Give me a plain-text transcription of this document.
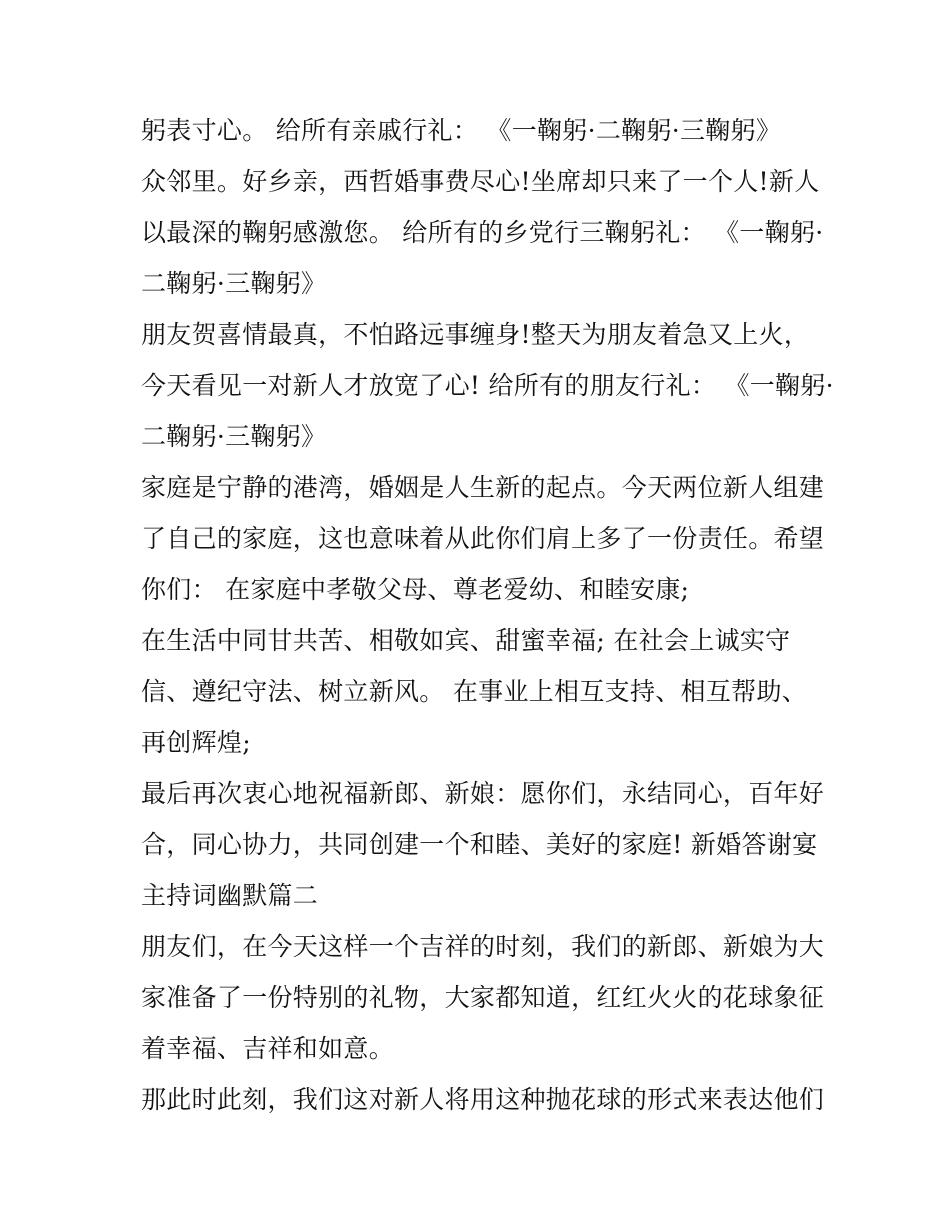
躬表寸心。 给所有亲戚行礼： 《一鞠躬·二鞠躬·三鞠躬》
众邻里。好乡亲，西哲婚事费尽心!坐席却只来了一个人!新人
以最深的鞠躬感激您。 给所有的乡党行三鞠躬礼： 《一鞠躬·
二鞠躬·三鞠躬》
朋友贺喜情最真，不怕路远事缠身!整天为朋友着急又上火，
今天看见一对新人才放宽了心! 给所有的朋友行礼： 《一鞠躬·
二鞠躬·三鞠躬》
家庭是宁静的港湾，婚姻是人生新的起点。今天两位新人组建
了自己的家庭，这也意味着从此你们肩上多了一份责任。希望
你们： 在家庭中孝敬父母、尊老爱幼、和睦安康;
在生活中同甘共苦、相敬如宾、甜蜜幸福; 在社会上诚实守
信、遵纪守法、树立新风。 在事业上相互支持、相互帮助、
再创辉煌;
最后再次衷心地祝福新郎、新娘：愿你们，永结同心，百年好
合，同心协力，共同创建一个和睦、美好的家庭! 新婚答谢宴
主持词幽默篇二
朋友们，在今天这样一个吉祥的时刻，我们的新郎、新娘为大
家准备了一份特别的礼物，大家都知道，红红火火的花球象征
着幸福、吉祥和如意。
那此时此刻，我们这对新人将用这种抛花球的形式来表达他们
